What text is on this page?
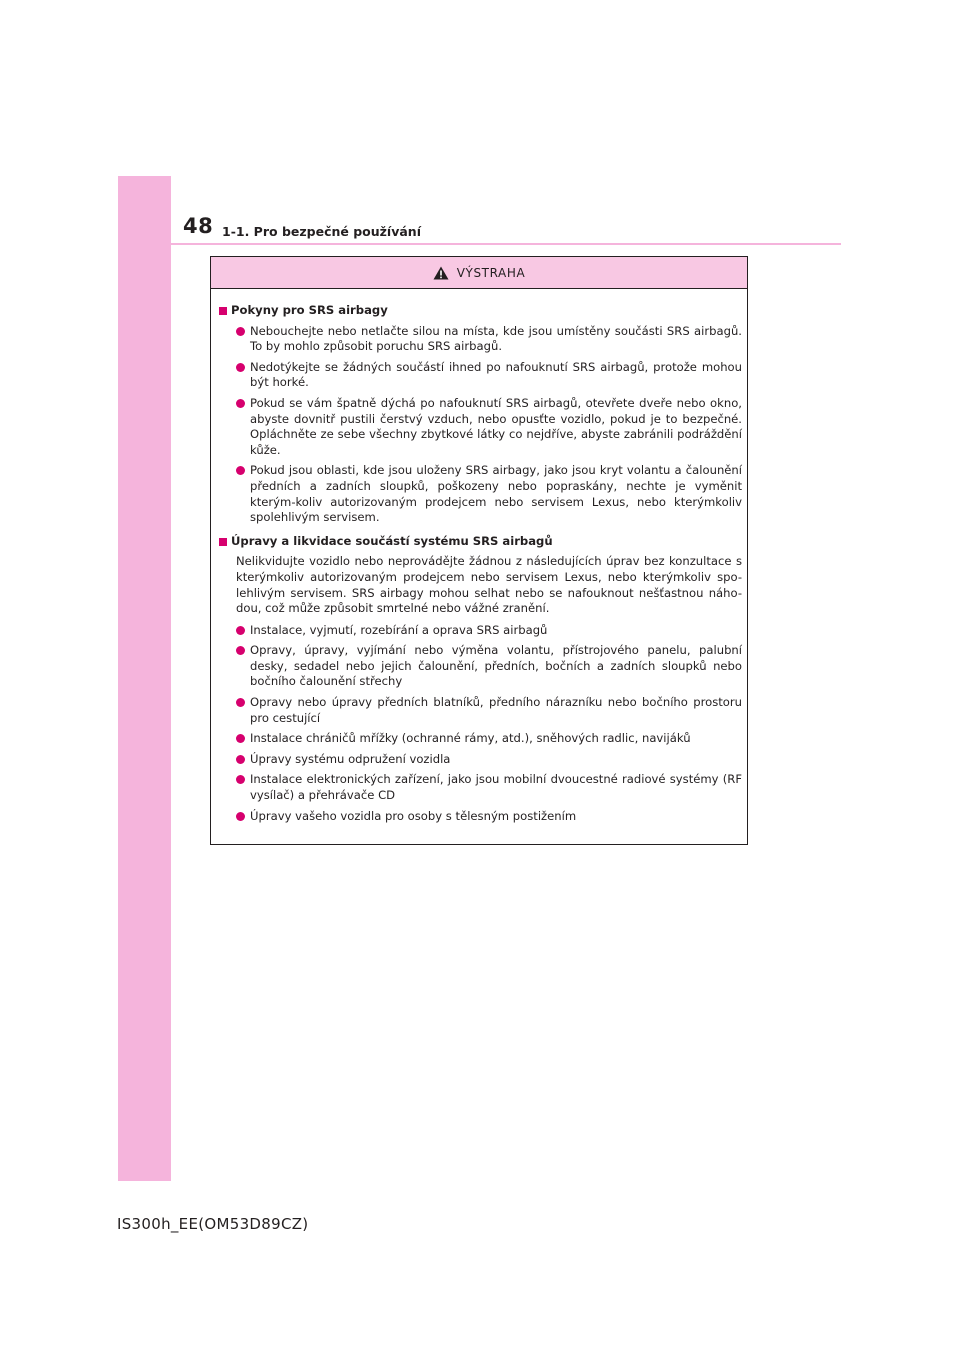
48 1-1. Pro bezpečné používání
VÝSTRAHA
Pokyny pro SRS airbagy
Nebouchejte nebo netlačte silou na místa, kde jsou umístěny součásti SRS airbagů. To by mohlo způsobit poruchu SRS airbagů.
Nedotýkejte se žádných součástí ihned po nafouknutí SRS airbagů, protože mohou být horké.
Pokud se vám špatně dýchá po nafouknutí SRS airbagů, otevřete dveře nebo okno, abyste dovnitř pustili čerstvý vzduch, nebo opusťte vozidlo, pokud je to bezpečné. Opláchněte ze sebe všechny zbytkové látky co nejdříve, abyste zabránili podráždění kůže.
Pokud jsou oblasti, kde jsou uloženy SRS airbagy, jako jsou kryt volantu a čalounění předních a zadních sloupků, poškozeny nebo popraskány, nechte je vyměnit kterým-koliv autorizovaným prodejcem nebo servisem Lexus, nebo kterýmkoliv spolehlivým servisem.
Úpravy a likvidace součástí systému SRS airbagů
Nelikvidujte vozidlo nebo neprovádějte žádnou z následujících úprav bez konzultace s kterýmkoliv autorizovaným prodejcem nebo servisem Lexus, nebo kterýmkoliv spo-lehlivým servisem. SRS airbagy mohou selhat nebo se nafouknout nešťastnou náho-dou, což může způsobit smrtelné nebo vážné zranění.
Instalace, vyjmutí, rozebírání a oprava SRS airbagů
Opravy, úpravy, vyjímání nebo výměna volantu, přístrojového panelu, palubní desky, sedadel nebo jejich čalounění, předních, bočních a zadních sloupků nebo bočního čalounění střechy
Opravy nebo úpravy předních blatníků, předního nárazníku nebo bočního prostoru pro cestující
Instalace chráničů mřížky (ochranné rámy, atd.), sněhových radlic, navijáků
Úpravy systému odpružení vozidla
Instalace elektronických zařízení, jako jsou mobilní dvoucestné radiové systémy (RF vysílač) a přehrávače CD
Úpravy vašeho vozidla pro osoby s tělesným postižením
IS300h_EE(OM53D89CZ)
